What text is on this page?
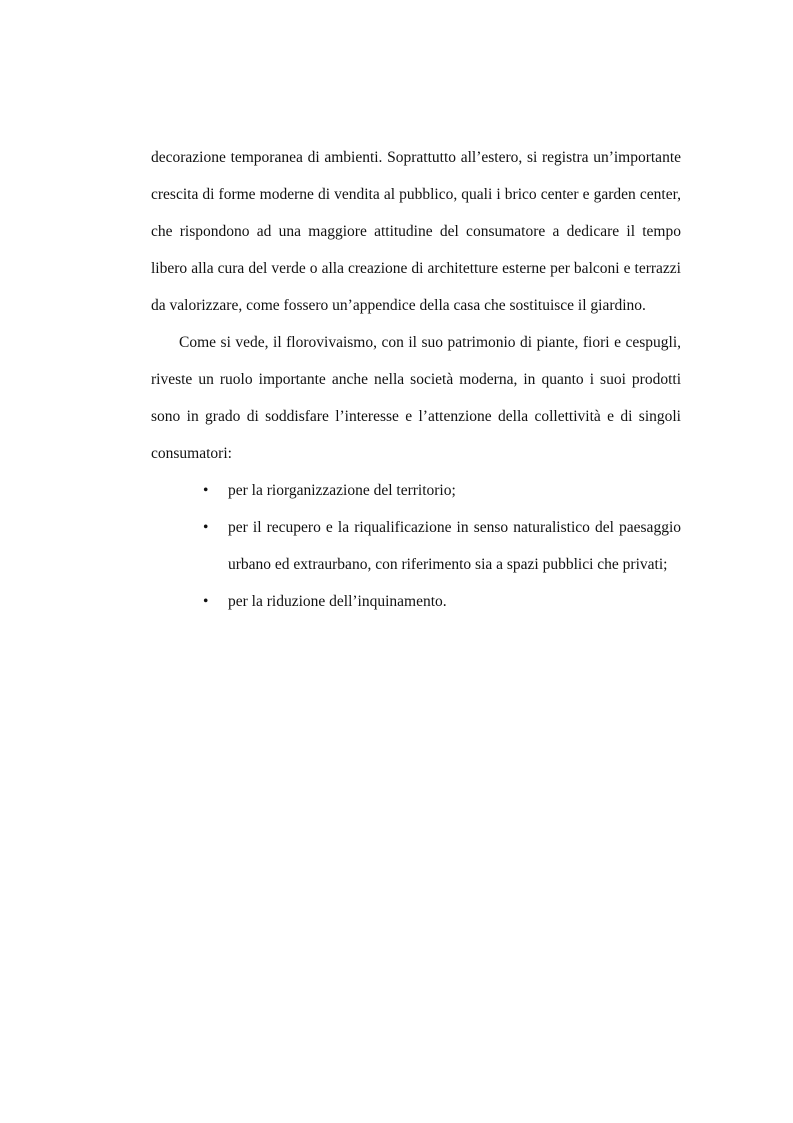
decorazione temporanea di ambienti. Soprattutto all’estero, si registra un’importante crescita di forme moderne di vendita al pubblico, quali i brico center e garden center, che rispondono ad una maggiore attitudine del consumatore a dedicare il tempo libero alla cura del verde o alla creazione di architetture esterne per balconi e terrazzi da valorizzare, come fossero un’appendice della casa che sostituisce il giardino.

Come si vede, il florovivaismo, con il suo patrimonio di piante, fiori e cespugli, riveste un ruolo importante anche nella società moderna, in quanto i suoi prodotti sono in grado di soddisfare l’interesse e l’attenzione della collettività e di singoli consumatori:

• per la riorganizzazione del territorio;
• per il recupero e la riqualificazione in senso naturalistico del paesaggio urbano ed extraurbano, con riferimento sia a spazi pubblici che privati;
• per la riduzione dell’inquinamento.
